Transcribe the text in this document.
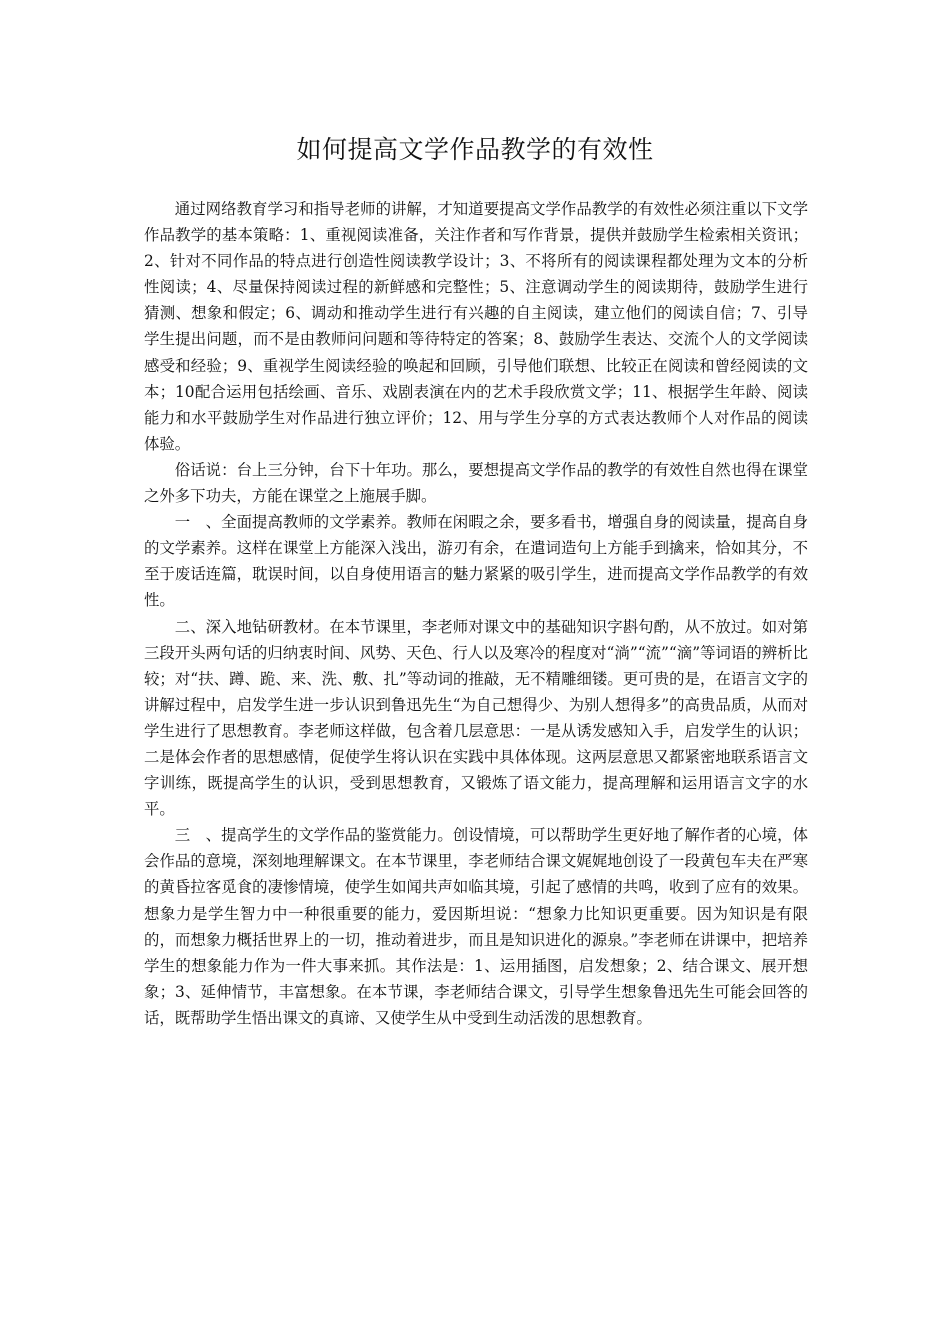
如何提高文学作品教学的有效性

通过网络教育学习和指导老师的讲解，才知道要提高文学作品教学的有效性必须注重以下文学作品教学的基本策略：1、重视阅读准备，关注作者和写作背景，提供并鼓励学生检索相关资讯；2、针对不同作品的特点进行创造性阅读教学设计；3、不将所有的阅读课程都处理为文本的分析性阅读；4、尽量保持阅读过程的新鲜感和完整性；5、注意调动学生的阅读期待，鼓励学生进行猜测、想象和假定；6、调动和推动学生进行有兴趣的自主阅读，建立他们的阅读自信；7、引导学生提出问题，而不是由教师问问题和等待特定的答案；8、鼓励学生表达、交流个人的文学阅读感受和经验；9、重视学生阅读经验的唤起和回顾，引导他们联想、比较正在阅读和曾经阅读的文本；10配合运用包括绘画、音乐、戏剧表演在内的艺术手段欣赏文学；11、根据学生年龄、阅读能力和水平鼓励学生对作品进行独立评价；12、用与学生分享的方式表达教师个人对作品的阅读体验。

俗话说：台上三分钟，台下十年功。那么，要想提高文学作品的教学的有效性自然也得在课堂之外多下功夫，方能在课堂之上施展手脚。

一　、全面提高教师的文学素养。教师在闲暇之余，要多看书，增强自身的阅读量，提高自身的文学素养。这样在课堂上方能深入浅出，游刃有余，在遣词造句上方能手到擒来，恰如其分，不至于废话连篇，耽误时间，以自身使用语言的魅力紧紧的吸引学生，进而提高文学作品教学的有效性。

二、深入地钻研教材。在本节课里，李老师对课文中的基础知识字斟句酌，从不放过。如对第三段开头两句话的归纳衷时间、风势、天色、行人以及寒冷的程度对“淌”“流”“滴”等词语的辨析比较；对“扶、蹲、跪、来、洗、敷、扎”等动词的推敲，无不精雕细镂。更可贵的是，在语言文字的讲解过程中，启发学生进一步认识到鲁迅先生“为自己想得少、为别人想得多”的高贵品质，从而对学生进行了思想教育。李老师这样做，包含着几层意思：一是从诱发感知入手，启发学生的认识；二是体会作者的思想感情，促使学生将认识在实践中具体体现。这两层意思又都紧密地联系语言文字训练，既提高学生的认识，受到思想教育，又锻炼了语文能力，提高理解和运用语言文字的水平。

三　、提高学生的文学作品的鉴赏能力。创设情境，可以帮助学生更好地了解作者的心境，体会作品的意境，深刻地理解课文。在本节课里，李老师结合课文娓娓地创设了一段黄包车夫在严寒的黄昏拉客觅食的凄惨情境，使学生如闻共声如临其境，引起了感情的共鸣，收到了应有的效果。想象力是学生智力中一种很重要的能力，爱因斯坦说：“想象力比知识更重要。因为知识是有限的，而想象力概括世界上的一切，推动着进步，而且是知识进化的源泉。”李老师在讲课中，把培养学生的想象能力作为一件大事来抓。其作法是：1、运用插图，启发想象；2、结合课文、展开想象；3、延伸情节，丰富想象。在本节课，李老师结合课文，引导学生想象鲁迅先生可能会回答的话，既帮助学生悟出课文的真谛、又使学生从中受到生动活泼的思想教育。
